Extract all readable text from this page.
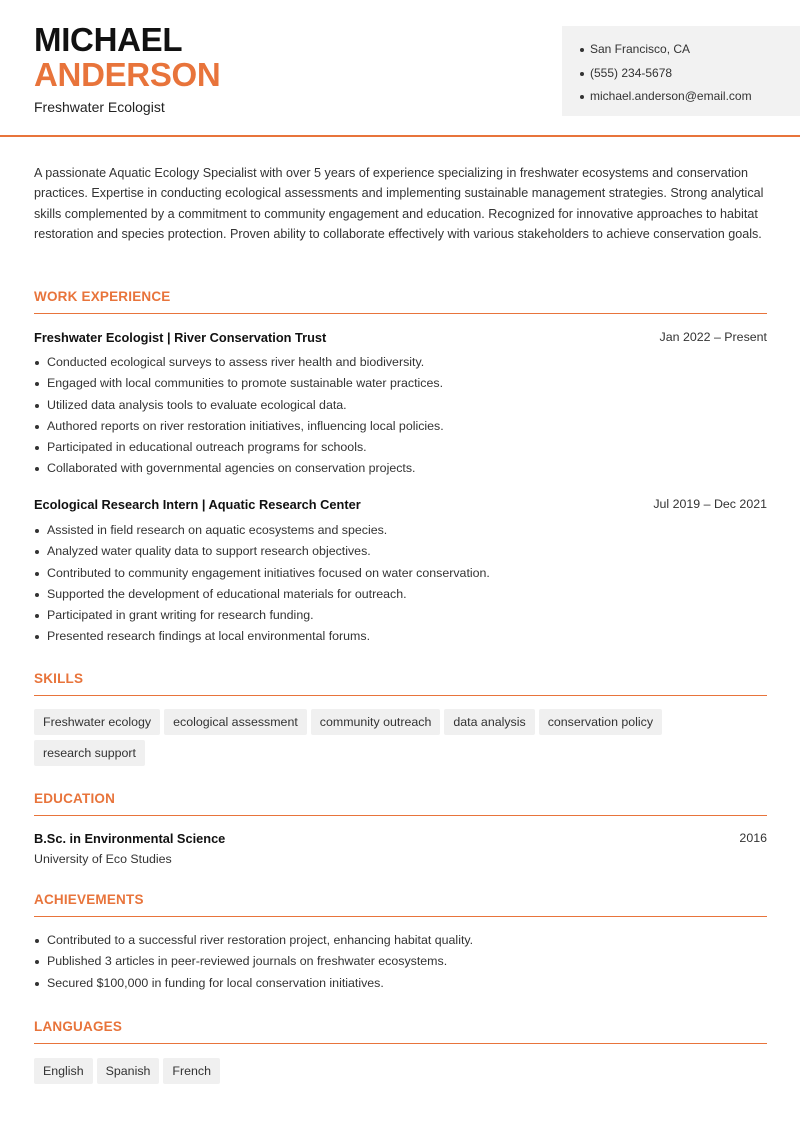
MICHAEL
ANDERSON
Freshwater Ecologist
San Francisco, CA
(555) 234-5678
michael.anderson@email.com

A passionate Aquatic Ecology Specialist with over 5 years of experience specializing in freshwater ecosystems and conservation practices. Expertise in conducting ecological assessments and implementing sustainable management strategies. Strong analytical skills complemented by a commitment to community engagement and education. Recognized for innovative approaches to habitat restoration and species protection. Proven ability to collaborate effectively with various stakeholders to achieve conservation goals.

WORK EXPERIENCE
Freshwater Ecologist | River Conservation Trust	Jan 2022 – Present
Conducted ecological surveys to assess river health and biodiversity.
Engaged with local communities to promote sustainable water practices.
Utilized data analysis tools to evaluate ecological data.
Authored reports on river restoration initiatives, influencing local policies.
Participated in educational outreach programs for schools.
Collaborated with governmental agencies on conservation projects.
Ecological Research Intern | Aquatic Research Center	Jul 2019 – Dec 2021
Assisted in field research on aquatic ecosystems and species.
Analyzed water quality data to support research objectives.
Contributed to community engagement initiatives focused on water conservation.
Supported the development of educational materials for outreach.
Participated in grant writing for research funding.
Presented research findings at local environmental forums.
SKILLS
Freshwater ecology ecological assessment community outreach data analysis conservation policy
research support
EDUCATION
B.Sc. in Environmental Science	2016
University of Eco Studies
ACHIEVEMENTS
Contributed to a successful river restoration project, enhancing habitat quality.
Published 3 articles in peer-reviewed journals on freshwater ecosystems.
Secured $100,000 in funding for local conservation initiatives.
LANGUAGES
English Spanish French
